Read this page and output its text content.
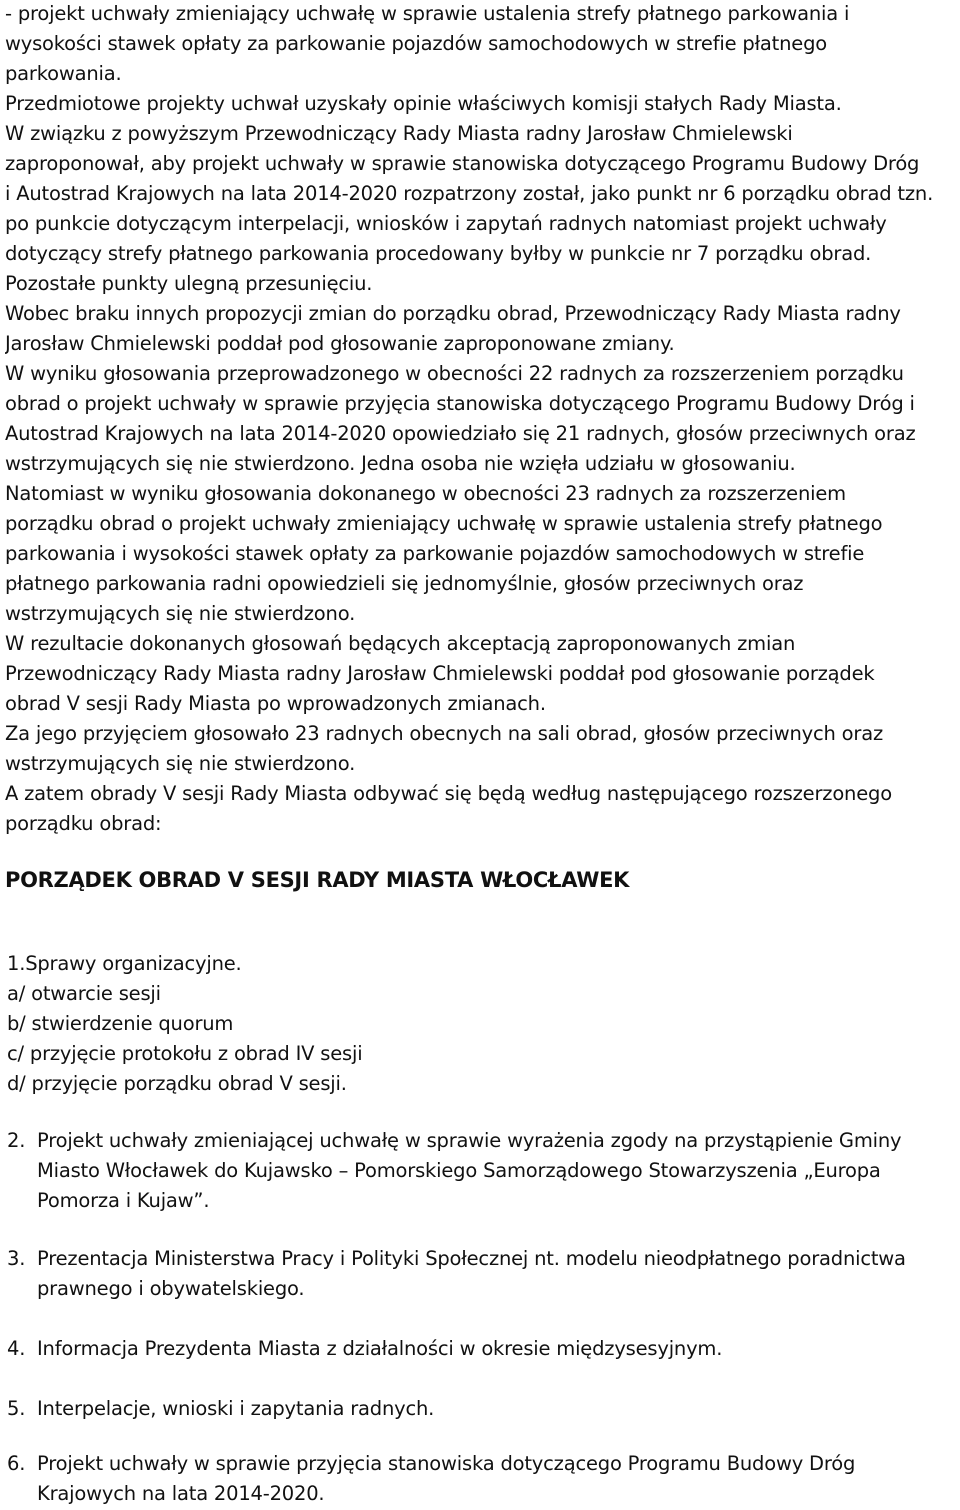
- projekt uchwały zmieniający uchwałę w sprawie ustalenia strefy płatnego parkowania i
wysokości stawek opłaty za parkowanie pojazdów samochodowych w strefie płatnego
parkowania.
Przedmiotowe projekty uchwał uzyskały opinie właściwych komisji stałych Rady Miasta.
W związku z powyższym Przewodniczący Rady Miasta radny Jarosław Chmielewski
zaproponował, aby projekt uchwały w sprawie stanowiska dotyczącego Programu Budowy Dróg
i Autostrad Krajowych na lata 2014-2020 rozpatrzony został, jako punkt nr 6 porządku obrad tzn.
po punkcie dotyczącym interpelacji, wniosków i zapytań radnych natomiast projekt uchwały
dotyczący strefy płatnego parkowania procedowany byłby w punkcie nr 7 porządku obrad.
Pozostałe punkty ulegną przesunięciu.
Wobec braku innych propozycji zmian do porządku obrad, Przewodniczący Rady Miasta radny
Jarosław Chmielewski poddał pod głosowanie zaproponowane zmiany.
W wyniku głosowania przeprowadzonego w obecności 22 radnych za rozszerzeniem porządku
obrad o projekt uchwały w sprawie przyjęcia stanowiska dotyczącego Programu Budowy Dróg i
Autostrad Krajowych na lata 2014-2020 opowiedziało się 21 radnych, głosów przeciwnych oraz
wstrzymujących się nie stwierdzono. Jedna osoba nie wzięła udziału w głosowaniu.
Natomiast w wyniku głosowania dokonanego w obecności 23 radnych za rozszerzeniem
porządku obrad o projekt uchwały zmieniający uchwałę w sprawie ustalenia strefy płatnego
parkowania i wysokości stawek opłaty za parkowanie pojazdów samochodowych w strefie
płatnego parkowania radni opowiedzieli się jednomyślnie, głosów przeciwnych oraz
wstrzymujących się nie stwierdzono.
W rezultacie dokonanych głosowań będących akceptacją zaproponowanych zmian
Przewodniczący Rady Miasta radny Jarosław Chmielewski poddał pod głosowanie porządek
obrad V sesji Rady Miasta po wprowadzonych zmianach.
Za jego przyjęciem głosowało 23 radnych obecnych na sali obrad, głosów przeciwnych oraz
wstrzymujących się nie stwierdzono.
A zatem obrady V sesji Rady Miasta odbywać się będą według następującego rozszerzonego
porządku obrad:
PORZĄDEK OBRAD V SESJI RADY MIASTA WŁOCŁAWEK
1.Sprawy organizacyjne.
a/ otwarcie sesji
b/ stwierdzenie quorum
c/ przyjęcie protokołu z obrad IV sesji
d/ przyjęcie porządku obrad V sesji.
2. Projekt uchwały zmieniającej uchwałę w sprawie wyrażenia zgody na przystąpienie Gminy
Miasto Włocławek do Kujawsko – Pomorskiego Samorządowego Stowarzyszenia „Europa
Pomorza i Kujaw”.
3. Prezentacja Ministerstwa Pracy i Polityki Społecznej nt. modelu nieodpłatnego poradnictwa
prawnego i obywatelskiego.
4. Informacja Prezydenta Miasta z działalności w okresie międzysesyjnym.
5. Interpelacje, wnioski i zapytania radnych.
6. Projekt uchwały w sprawie przyjęcia stanowiska dotyczącego Programu Budowy Dróg
Krajowych na lata 2014-2020.
